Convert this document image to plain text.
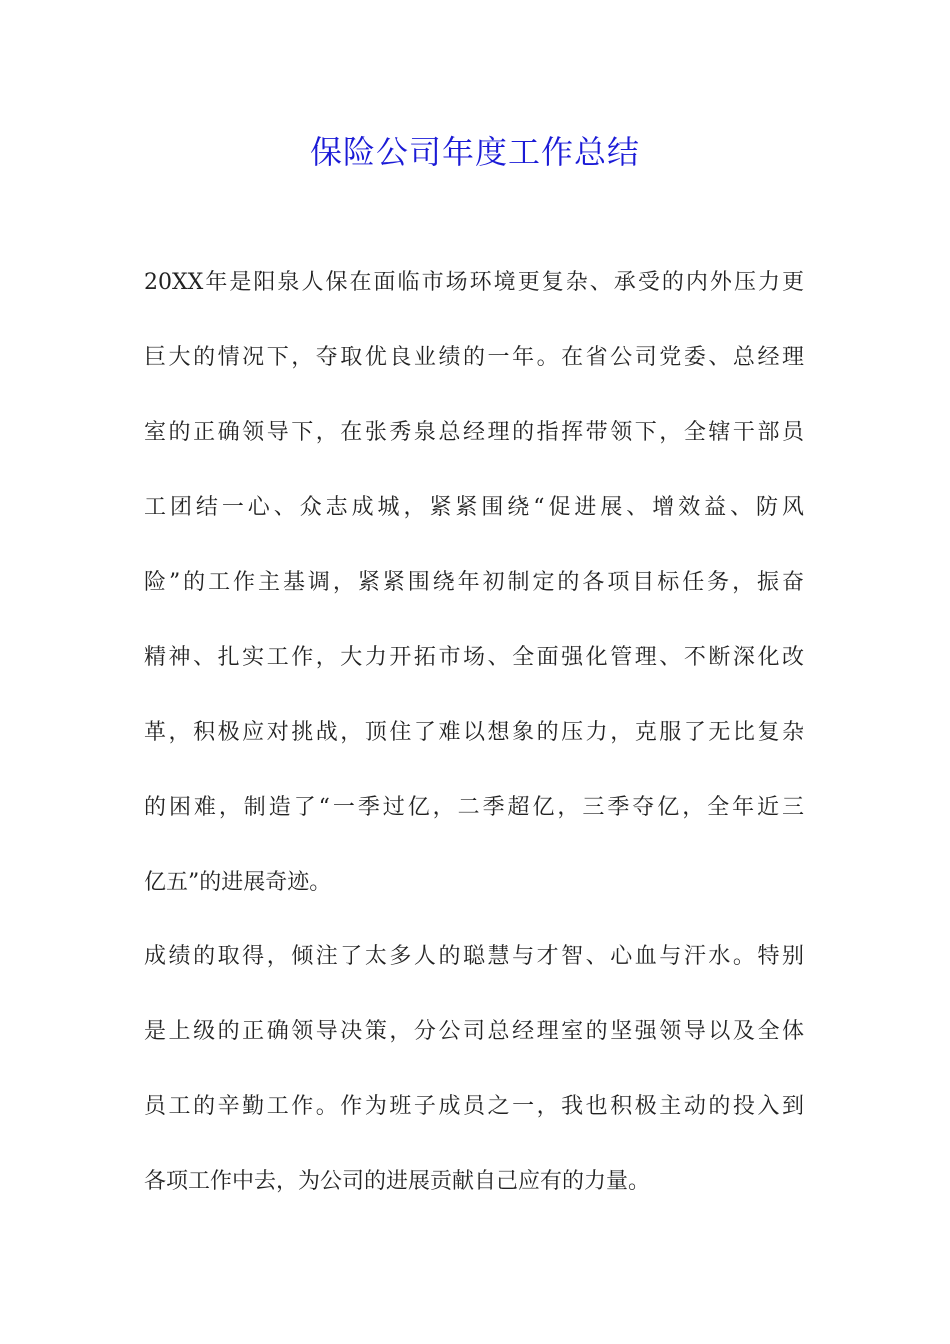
保险公司年度工作总结
20XX年是阳泉人保在面临市场环境更复杂、承受的内外压力更
巨大的情况下，夺取优良业绩的一年。在省公司党委、总经理
室的正确领导下，在张秀泉总经理的指挥带领下，全辖干部员
工团结一心、众志成城，紧紧围绕“促进展、增效益、防风
险”的工作主基调，紧紧围绕年初制定的各项目标任务，振奋
精神、扎实工作，大力开拓市场、全面强化管理、不断深化改
革，积极应对挑战，顶住了难以想象的压力，克服了无比复杂
的困难，制造了“一季过亿，二季超亿，三季夺亿，全年近三
亿五”的进展奇迹。
成绩的取得，倾注了太多人的聪慧与才智、心血与汗水。特别
是上级的正确领导决策，分公司总经理室的坚强领导以及全体
员工的辛勤工作。作为班子成员之一，我也积极主动的投入到
各项工作中去，为公司的进展贡献自己应有的力量。
